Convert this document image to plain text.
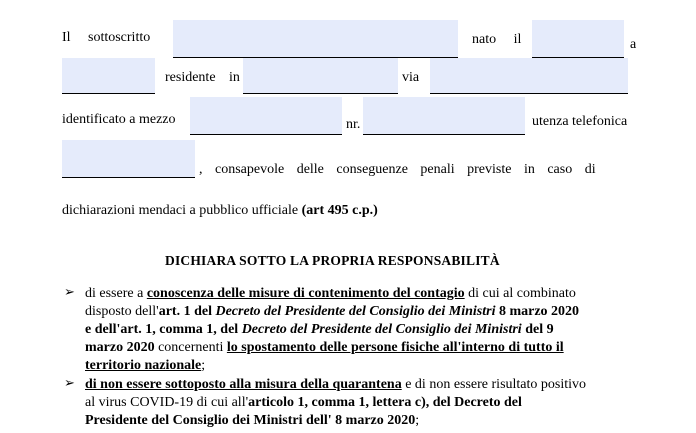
Il sottoscritto	nato il	a
residente in	via
identificato a mezzo	nr.	utenza telefonica
, consapevole delle conseguenze penali previste in caso di
dichiarazioni mendaci a pubblico ufficiale (art 495 c.p.)
DICHIARA SOTTO LA PROPRIA RESPONSABILITÀ
➢ di essere a conoscenza delle misure di contenimento del contagio di cui al combinato
disposto dell'art. 1 del Decreto del Presidente del Consiglio dei Ministri 8 marzo 2020
e dell'art. 1, comma 1, del Decreto del Presidente del Consiglio dei Ministri del 9
marzo 2020 concernenti lo spostamento delle persone fisiche all'interno di tutto il
territorio nazionale;
➢ di non essere sottoposto alla misura della quarantena e di non essere risultato positivo
al virus COVID-19 di cui all'articolo 1, comma 1, lettera c), del Decreto del
Presidente del Consiglio dei Ministri dell' 8 marzo 2020;
